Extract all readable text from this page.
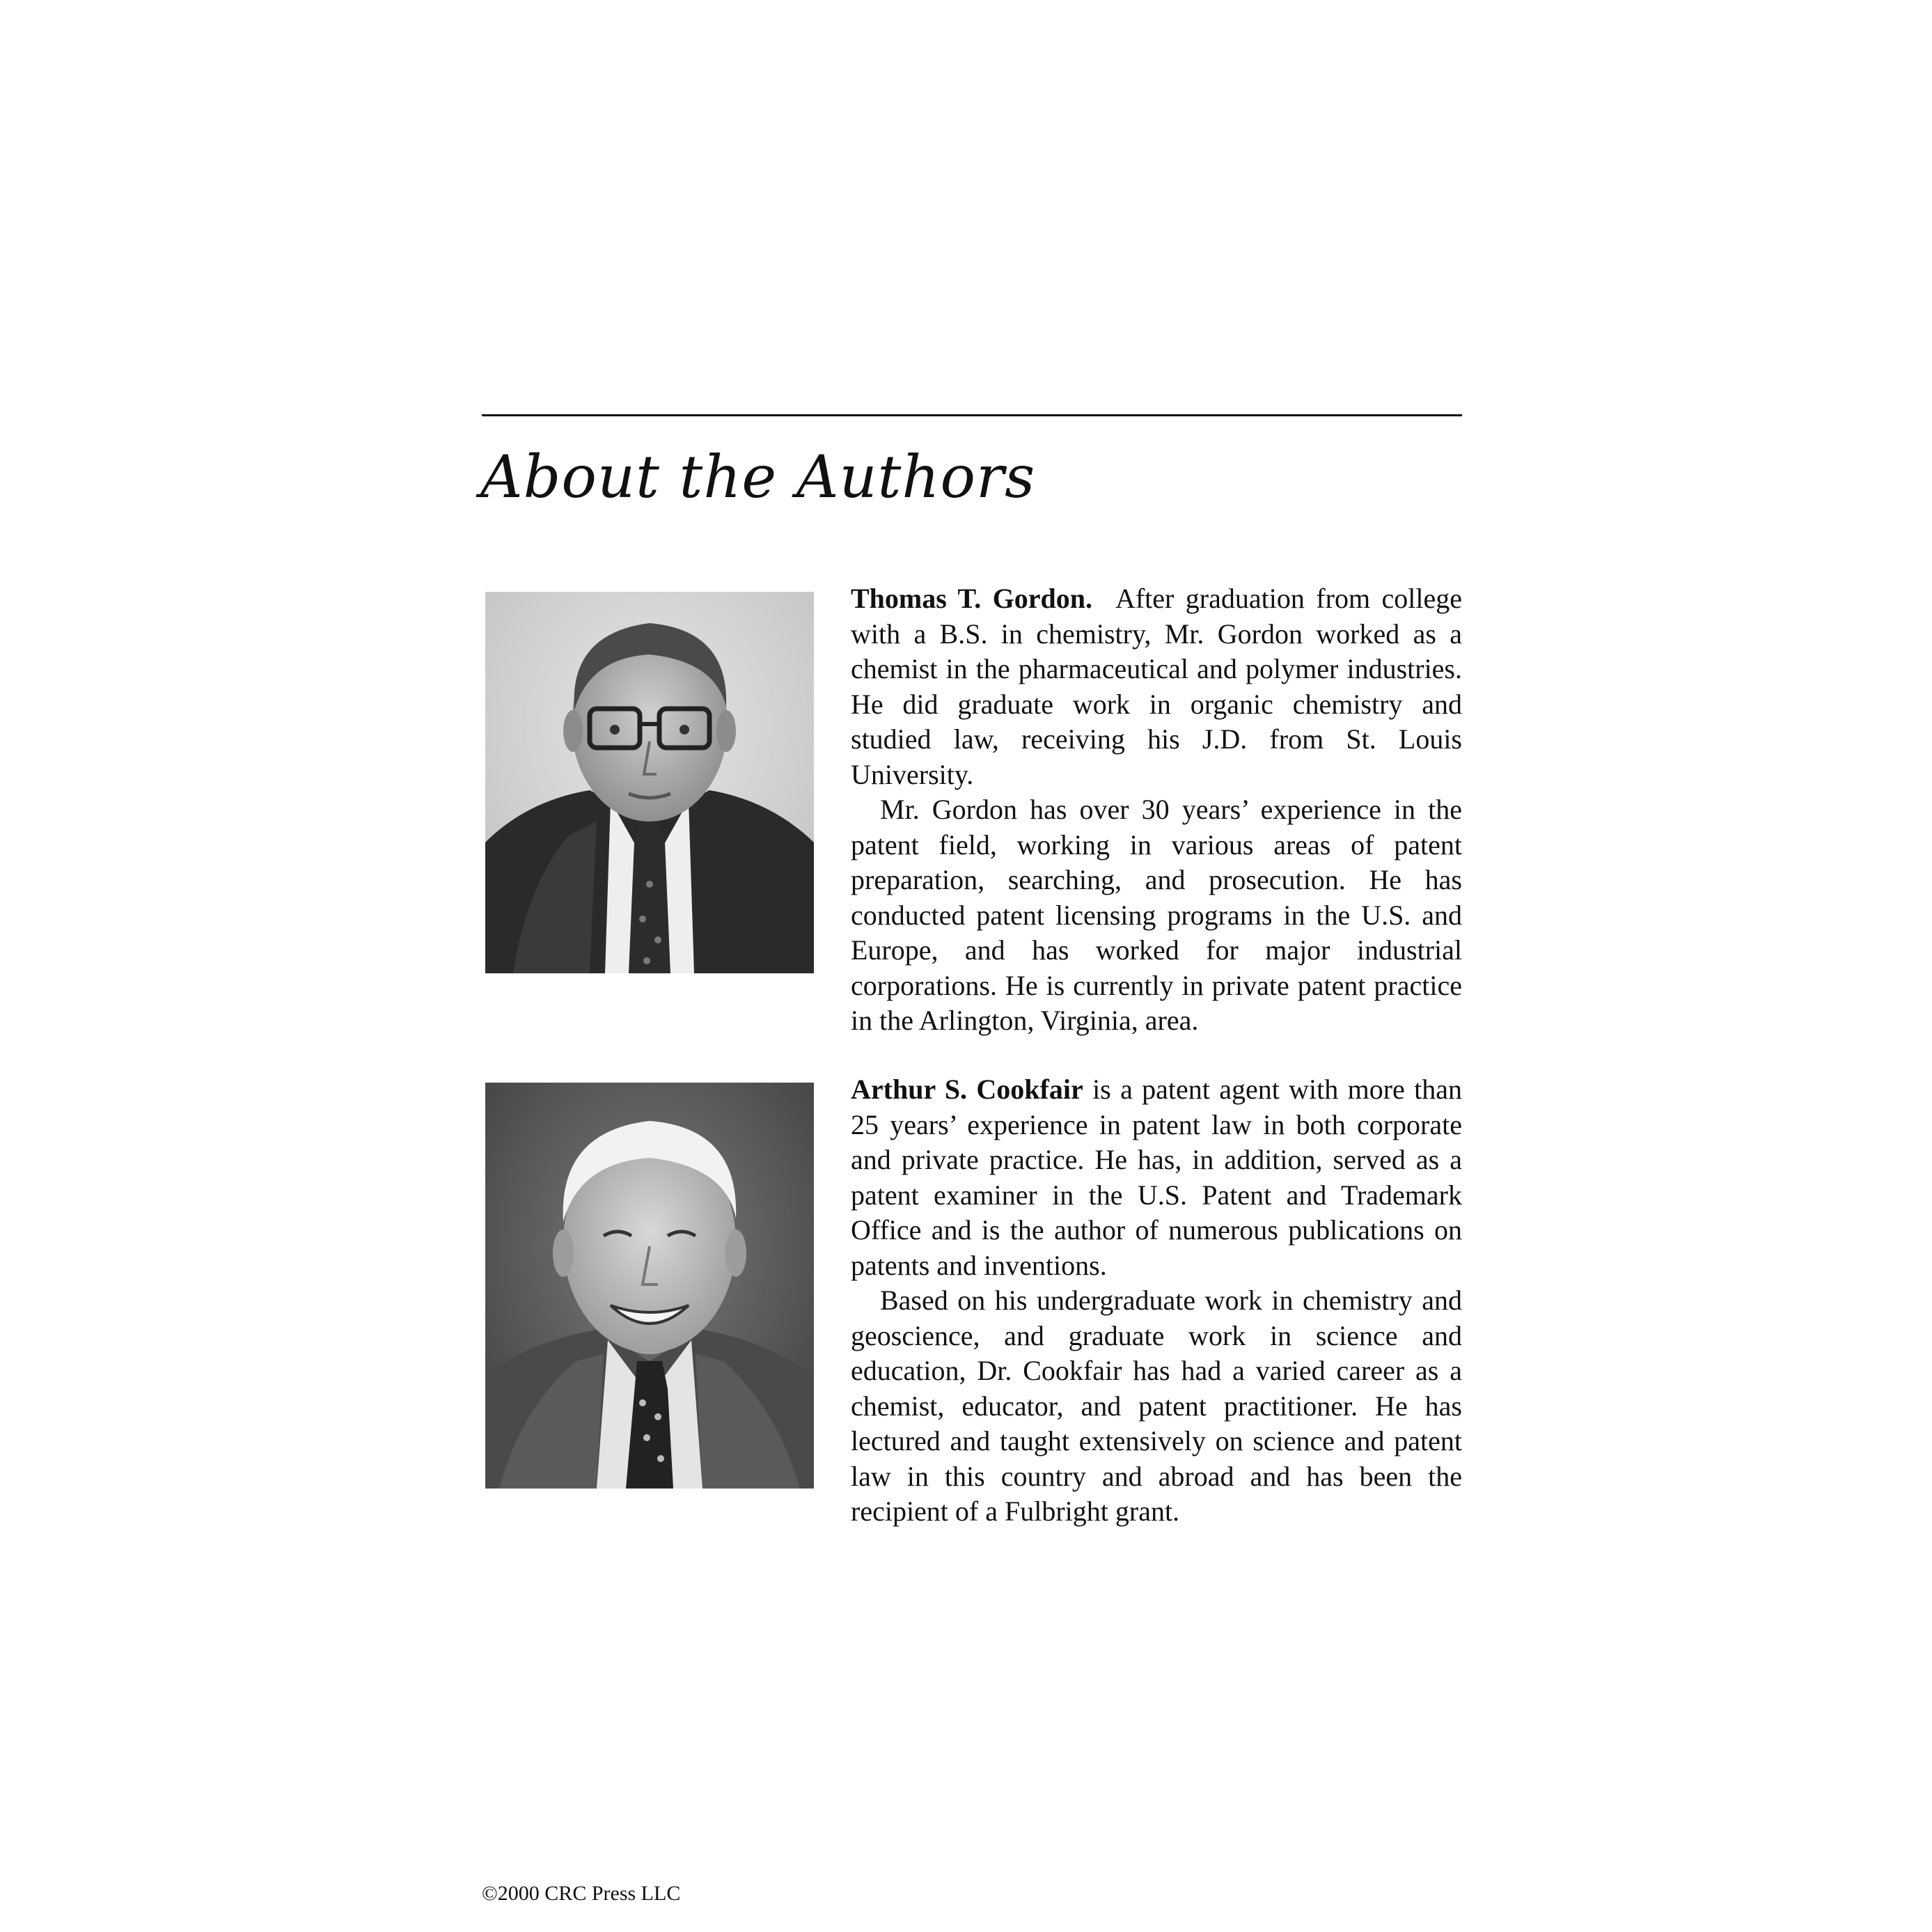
About the Authors

Thomas T. Gordon. After graduation from college with a B.S. in chemistry, Mr. Gordon worked as a chemist in the pharmaceutical and polymer industries. He did graduate work in organic chemistry and studied law, receiving his J.D. from St. Louis University.

Mr. Gordon has over 30 years’ experience in the patent field, working in various areas of patent preparation, searching, and prosecution. He has conducted patent licensing programs in the U.S. and Europe, and has worked for major industrial corporations. He is currently in private patent practice in the Arlington, Virginia, area.

Arthur S. Cookfair is a patent agent with more than 25 years’ experience in patent law in both corporate and private practice. He has, in addition, served as a patent examiner in the U.S. Patent and Trademark Office and is the author of numerous publications on patents and inventions.

Based on his undergraduate work in chemistry and geoscience, and graduate work in science and education, Dr. Cookfair has had a varied career as a chemist, educator, and patent practitioner. He has lectured and taught extensively on science and patent law in this country and abroad and has been the recipient of a Fulbright grant.

©2000 CRC Press LLC
